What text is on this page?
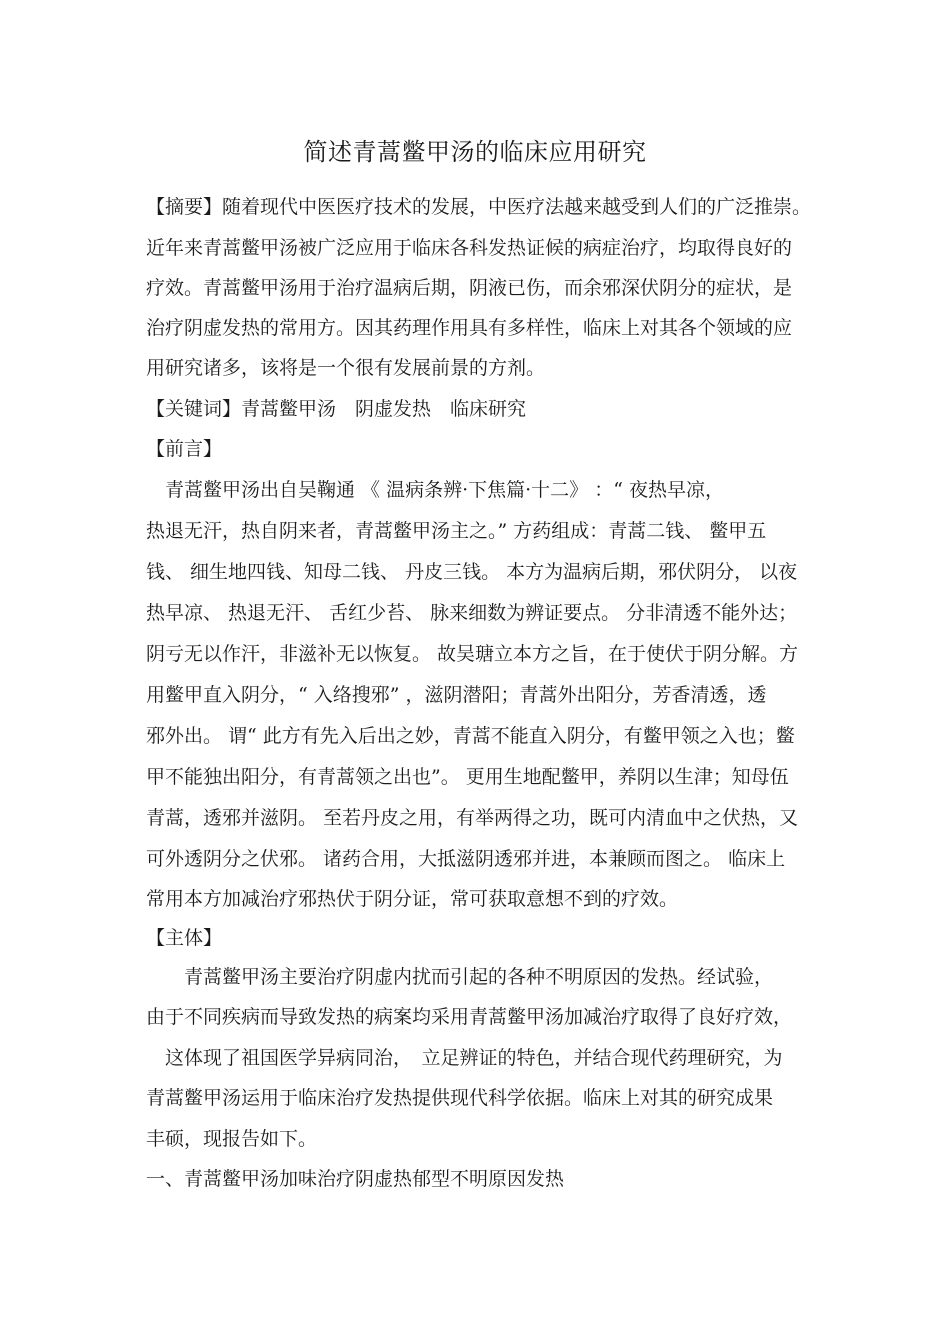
简述青蒿鳖甲汤的临床应用研究
【摘要】随着现代中医医疗技术的发展，中医疗法越来越受到人们的广泛推崇。
近年来青蒿鳖甲汤被广泛应用于临床各科发热证候的病症治疗，均取得良好的
疗效。青蒿鳖甲汤用于治疗温病后期，阴液已伤，而余邪深伏阴分的症状，是
治疗阴虚发热的常用方。因其药理作用具有多样性，临床上对其各个领域的应
用研究诸多，该将是一个很有发展前景的方剂。
【关键词】青蒿鳖甲汤　阴虚发热　临床研究
【前言】
　青蒿鳖甲汤出自吴鞠通 《 温病条辨·下焦篇·十二》 ：“ 夜热早凉，
热退无汗，热自阴来者，青蒿鳖甲汤主之。” 方药组成：青蒿二钱、 鳖甲五
钱、 细生地四钱、知母二钱、 丹皮三钱。 本方为温病后期，邪伏阴分， 以夜
热早凉、 热退无汗、 舌红少苔、 脉来细数为辨证要点。 分非清透不能外达；
阴亏无以作汗，非滋补无以恢复。 故吴瑭立本方之旨，在于使伏于阴分解。方
用鳖甲直入阴分，“ 入络搜邪” ，滋阴潜阳；青蒿外出阳分，芳香清透，透
邪外出。 谓“ 此方有先入后出之妙，青蒿不能直入阴分，有鳖甲领之入也；鳖
甲不能独出阳分，有青蒿领之出也”。 更用生地配鳖甲，养阴以生津；知母伍
青蒿，透邪并滋阴。 至若丹皮之用，有举两得之功，既可内清血中之伏热，又
可外透阴分之伏邪。 诸药合用，大抵滋阴透邪并进，本兼顾而图之。 临床上
常用本方加减治疗邪热伏于阴分证，常可获取意想不到的疗效。
【主体】
　　青蒿鳖甲汤主要治疗阴虚内扰而引起的各种不明原因的发热。经试验，
由于不同疾病而导致发热的病案均采用青蒿鳖甲汤加减治疗取得了良好疗效，
　这体现了祖国医学异病同治，　立足辨证的特色，并结合现代药理研究，为
青蒿鳖甲汤运用于临床治疗发热提供现代科学依据。临床上对其的研究成果
丰硕，现报告如下。
一、青蒿鳖甲汤加味治疗阴虚热郁型不明原因发热
